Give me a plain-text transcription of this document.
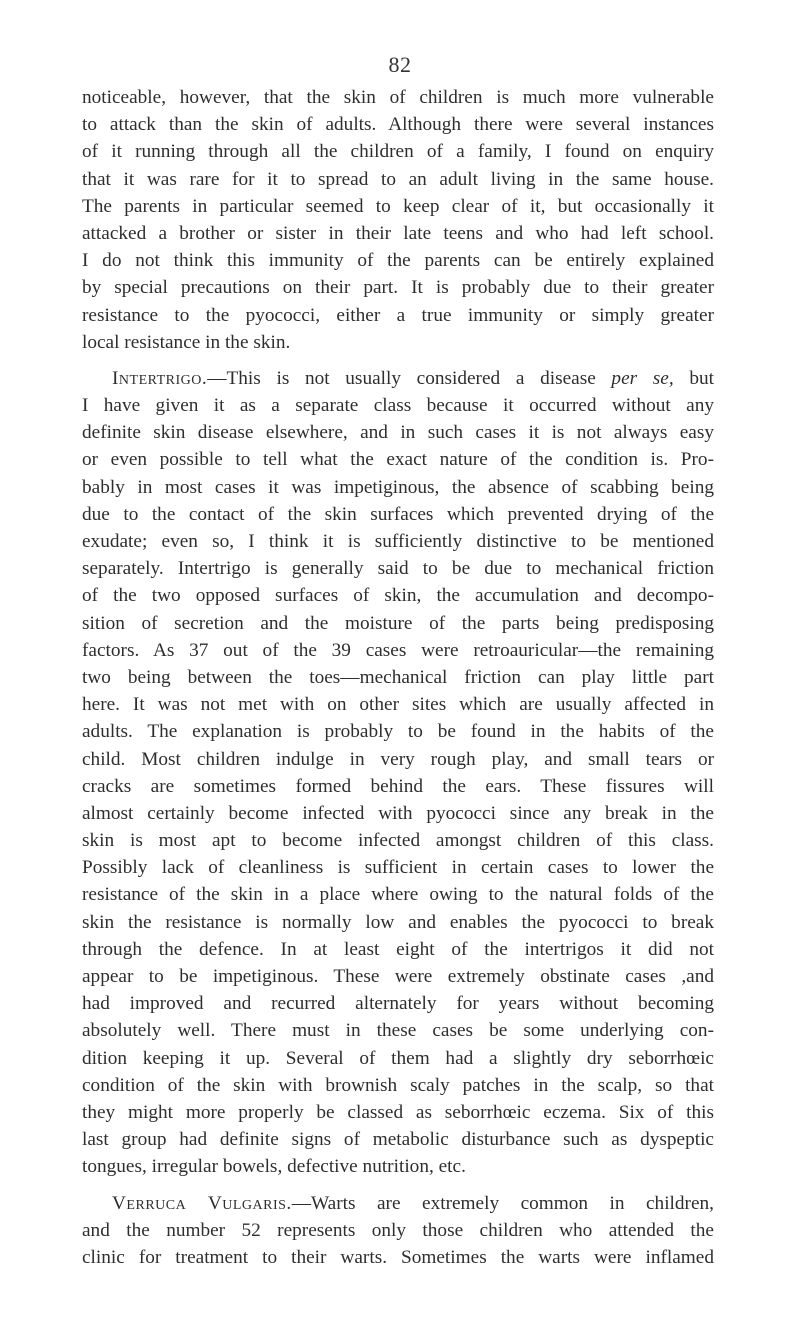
82
noticeable, however, that the skin of children is much more vulnerable
to attack than the skin of adults. Although there were several instances
of it running through all the children of a family, I found on enquiry
that it was rare for it to spread to an adult living in the same house.
The parents in particular seemed to keep clear of it, but occasionally it
attacked a brother or sister in their late teens and who had left school.
I do not think this immunity of the parents can be entirely explained
by special precautions on their part. It is probably due to their greater
resistance to the pyococci, either a true immunity or simply greater
local resistance in the skin.
Intertrigo.—This is not usually considered a disease per se, but
I have given it as a separate class because it occurred without any
definite skin disease elsewhere, and in such cases it is not always easy
or even possible to tell what the exact nature of the condition is. Pro-
bably in most cases it was impetiginous, the absence of scabbing being
due to the contact of the skin surfaces which prevented drying of the
exudate; even so, I think it is sufficiently distinctive to be mentioned
separately. Intertrigo is generally said to be due to mechanical friction
of the two opposed surfaces of skin, the accumulation and decompo-
sition of secretion and the moisture of the parts being predisposing
factors. As 37 out of the 39 cases were retroauricular—the remaining
two being between the toes—mechanical friction can play little part
here. It was not met with on other sites which are usually affected in
adults. The explanation is probably to be found in the habits of the
child. Most children indulge in very rough play, and small tears or
cracks are sometimes formed behind the ears. These fissures will
almost certainly become infected with pyococci since any break in the
skin is most apt to become infected amongst children of this class.
Possibly lack of cleanliness is sufficient in certain cases to lower the
resistance of the skin in a place where owing to the natural folds of the
skin the resistance is normally low and enables the pyococci to break
through the defence. In at least eight of the intertrigos it did not
appear to be impetiginous. These were extremely obstinate cases ,and
had improved and recurred alternately for years without becoming
absolutely well. There must in these cases be some underlying con-
dition keeping it up. Several of them had a slightly dry seborrhœic
condition of the skin with brownish scaly patches in the scalp, so that
they might more properly be classed as seborrhœic eczema. Six of this
last group had definite signs of metabolic disturbance such as dyspeptic
tongues, irregular bowels, defective nutrition, etc.
Verruca Vulgaris.—Warts are extremely common in children,
and the number 52 represents only those children who attended the
clinic for treatment to their warts. Sometimes the warts were inflamed
